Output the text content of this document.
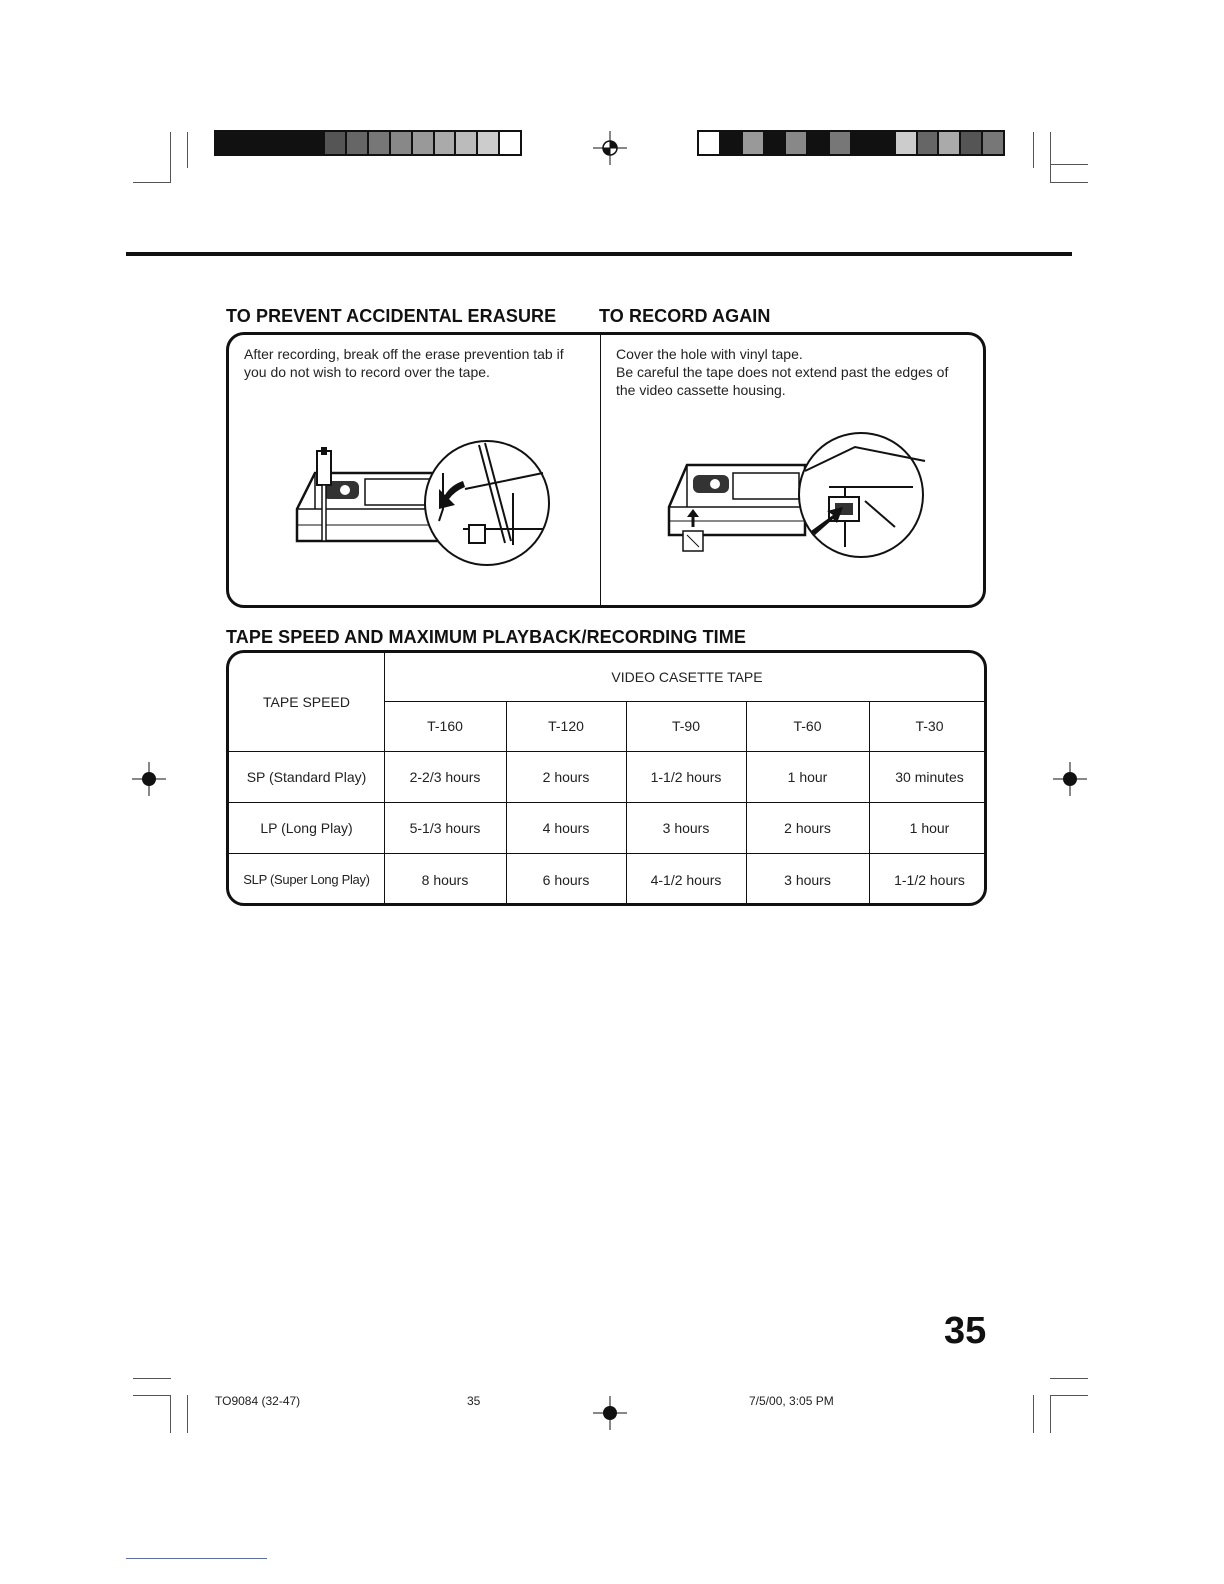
TO PREVENT ACCIDENTAL ERASURE TO RECORD AGAIN
After recording, break off the erase prevention tab if
you do not wish to record over the tape.
Cover the hole with vinyl tape.
Be careful the tape does not extend past the edges of
the video cassette housing.
TAPE SPEED AND MAXIMUM PLAYBACK/RECORDING TIME
TAPE SPEED
VIDEO CASETTE TAPE
T-160	T-120	T-90	T-60	T-30
SP (Standard Play)	2-2/3 hours	2 hours	1-1/2 hours	1 hour	30 minutes
LP (Long Play)	5-1/3 hours	4 hours	3 hours	2 hours	1 hour
SLP (Super Long Play)	8 hours	6 hours	4-1/2 hours	3 hours	1-1/2 hours
35
TO9084 (32-47)	35	7/5/00, 3:05 PM
